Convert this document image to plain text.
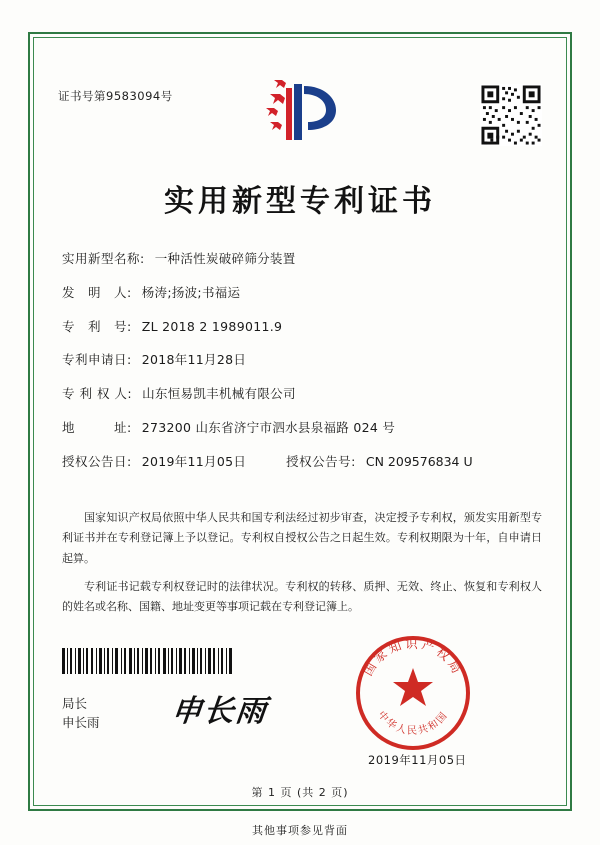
证书号第9583094号
实用新型专利证书
实用新型名称: 一种活性炭破碎筛分装置
发　明　人: 杨涛;扬波;书福运
专　利　号: ZL 2018 2 1989011.9
专利申请日: 2018年11月28日
专 利 权 人: 山东恒易凯丰机械有限公司
地　　　址: 273200 山东省济宁市泗水县泉福路 024 号
授权公告日: 2019年11月05日	授权公告号: CN 209576834 U

国家知识产权局依照中华人民共和国专利法经过初步审查，决定授予专利权，颁发实用新型专利证书并在专利登记簿上予以登记。专利权自授权公告之日起生效。专利权期限为十年，自申请日起算。

专利证书记载专利权登记时的法律状况。专利权的转移、质押、无效、终止、恢复和专利权人的姓名或名称、国籍、地址变更等事项记载在专利登记簿上。

局长
申长雨 申长雨
国家知识产权局
中华人民共和国
2019年11月05日
第 1 页 (共 2 页)
其他事项参见背面
